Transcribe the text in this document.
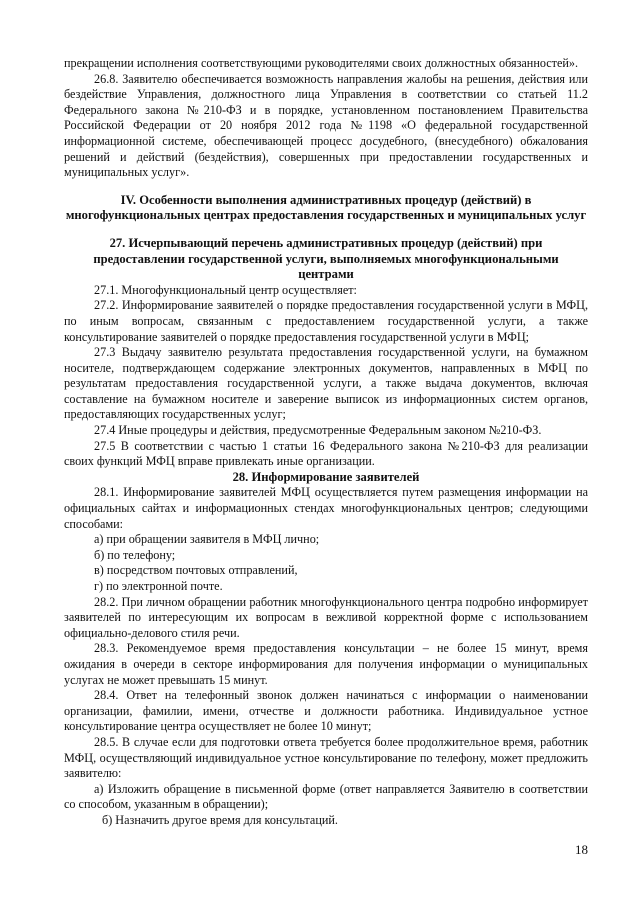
прекращении исполнения соответствующими руководителями своих должностных обязанностей».

26.8. Заявителю обеспечивается возможность направления жалобы на решения, действия или бездействие Управления, должностного лица Управления в соответствии со статьей 11.2 Федерального закона №210-ФЗ и в порядке, установленном постановлением Правительства Российской Федерации от 20 ноября 2012 года №1198 «О федеральной государственной информационной системе, обеспечивающей процесс досудебного, (внесудебного) обжалования решений и действий (бездействия), совершенных при предоставлении государственных и муниципальных услуг».

IV. Особенности выполнения административных процедур (действий) в многофункциональных центрах предоставления государственных и муниципальных услуг
27. Исчерпывающий перечень административных процедур (действий) при предоставлении государственной услуги, выполняемых многофункциональными центрами

27.1. Многофункциональный центр осуществляет:

27.2. Информирование заявителей о порядке предоставления государственной услуги в МФЦ, по иным вопросам, связанным с предоставлением государственной услуги, а также консультирование заявителей о порядке предоставления государственной услуги в МФЦ;

27.3 Выдачу заявителю результата предоставления государственной услуги, на бумажном носителе, подтверждающем содержание электронных документов, направленных в МФЦ по результатам предоставления государственной услуги, а также выдача документов, включая составление на бумажном носителе и заверение выписок из информационных систем органов, предоставляющих государственных услуг;

27.4 Иные процедуры и действия, предусмотренные Федеральным законом №210-ФЗ.

27.5 В соответствии с частью 1 статьи 16 Федерального закона №210-ФЗ для реализации своих функций МФЦ вправе привлекать иные организации.

28. Информирование заявителей

28.1. Информирование заявителей МФЦ осуществляется путем размещения информации на официальных сайтах и информационных стендах многофункциональных центров; следующими способами:

а) при обращении заявителя в МФЦ лично;

б) по телефону;

в) посредством почтовых отправлений,

г) по электронной почте.

28.2. При личном обращении работник многофункционального центра подробно информирует заявителей по интересующим их вопросам в вежливой корректной форме с использованием официально-делового стиля речи.

28.3. Рекомендуемое время предоставления консультации – не более 15 минут, время ожидания в очереди в секторе информирования для получения информации о муниципальных услугах не может превышать 15 минут.

28.4. Ответ на телефонный звонок должен начинаться с информации о наименовании организации, фамилии, имени, отчестве и должности работника. Индивидуальное устное консультирование центра осуществляет не более 10 минут;

28.5. В случае если для подготовки ответа требуется более продолжительное время, работник МФЦ, осуществляющий индивидуальное устное консультирование по телефону, может предложить заявителю:

а) Изложить обращение в письменной форме (ответ направляется Заявителю в соответствии со способом, указанным в обращении);

б) Назначить другое время для консультаций.

18
